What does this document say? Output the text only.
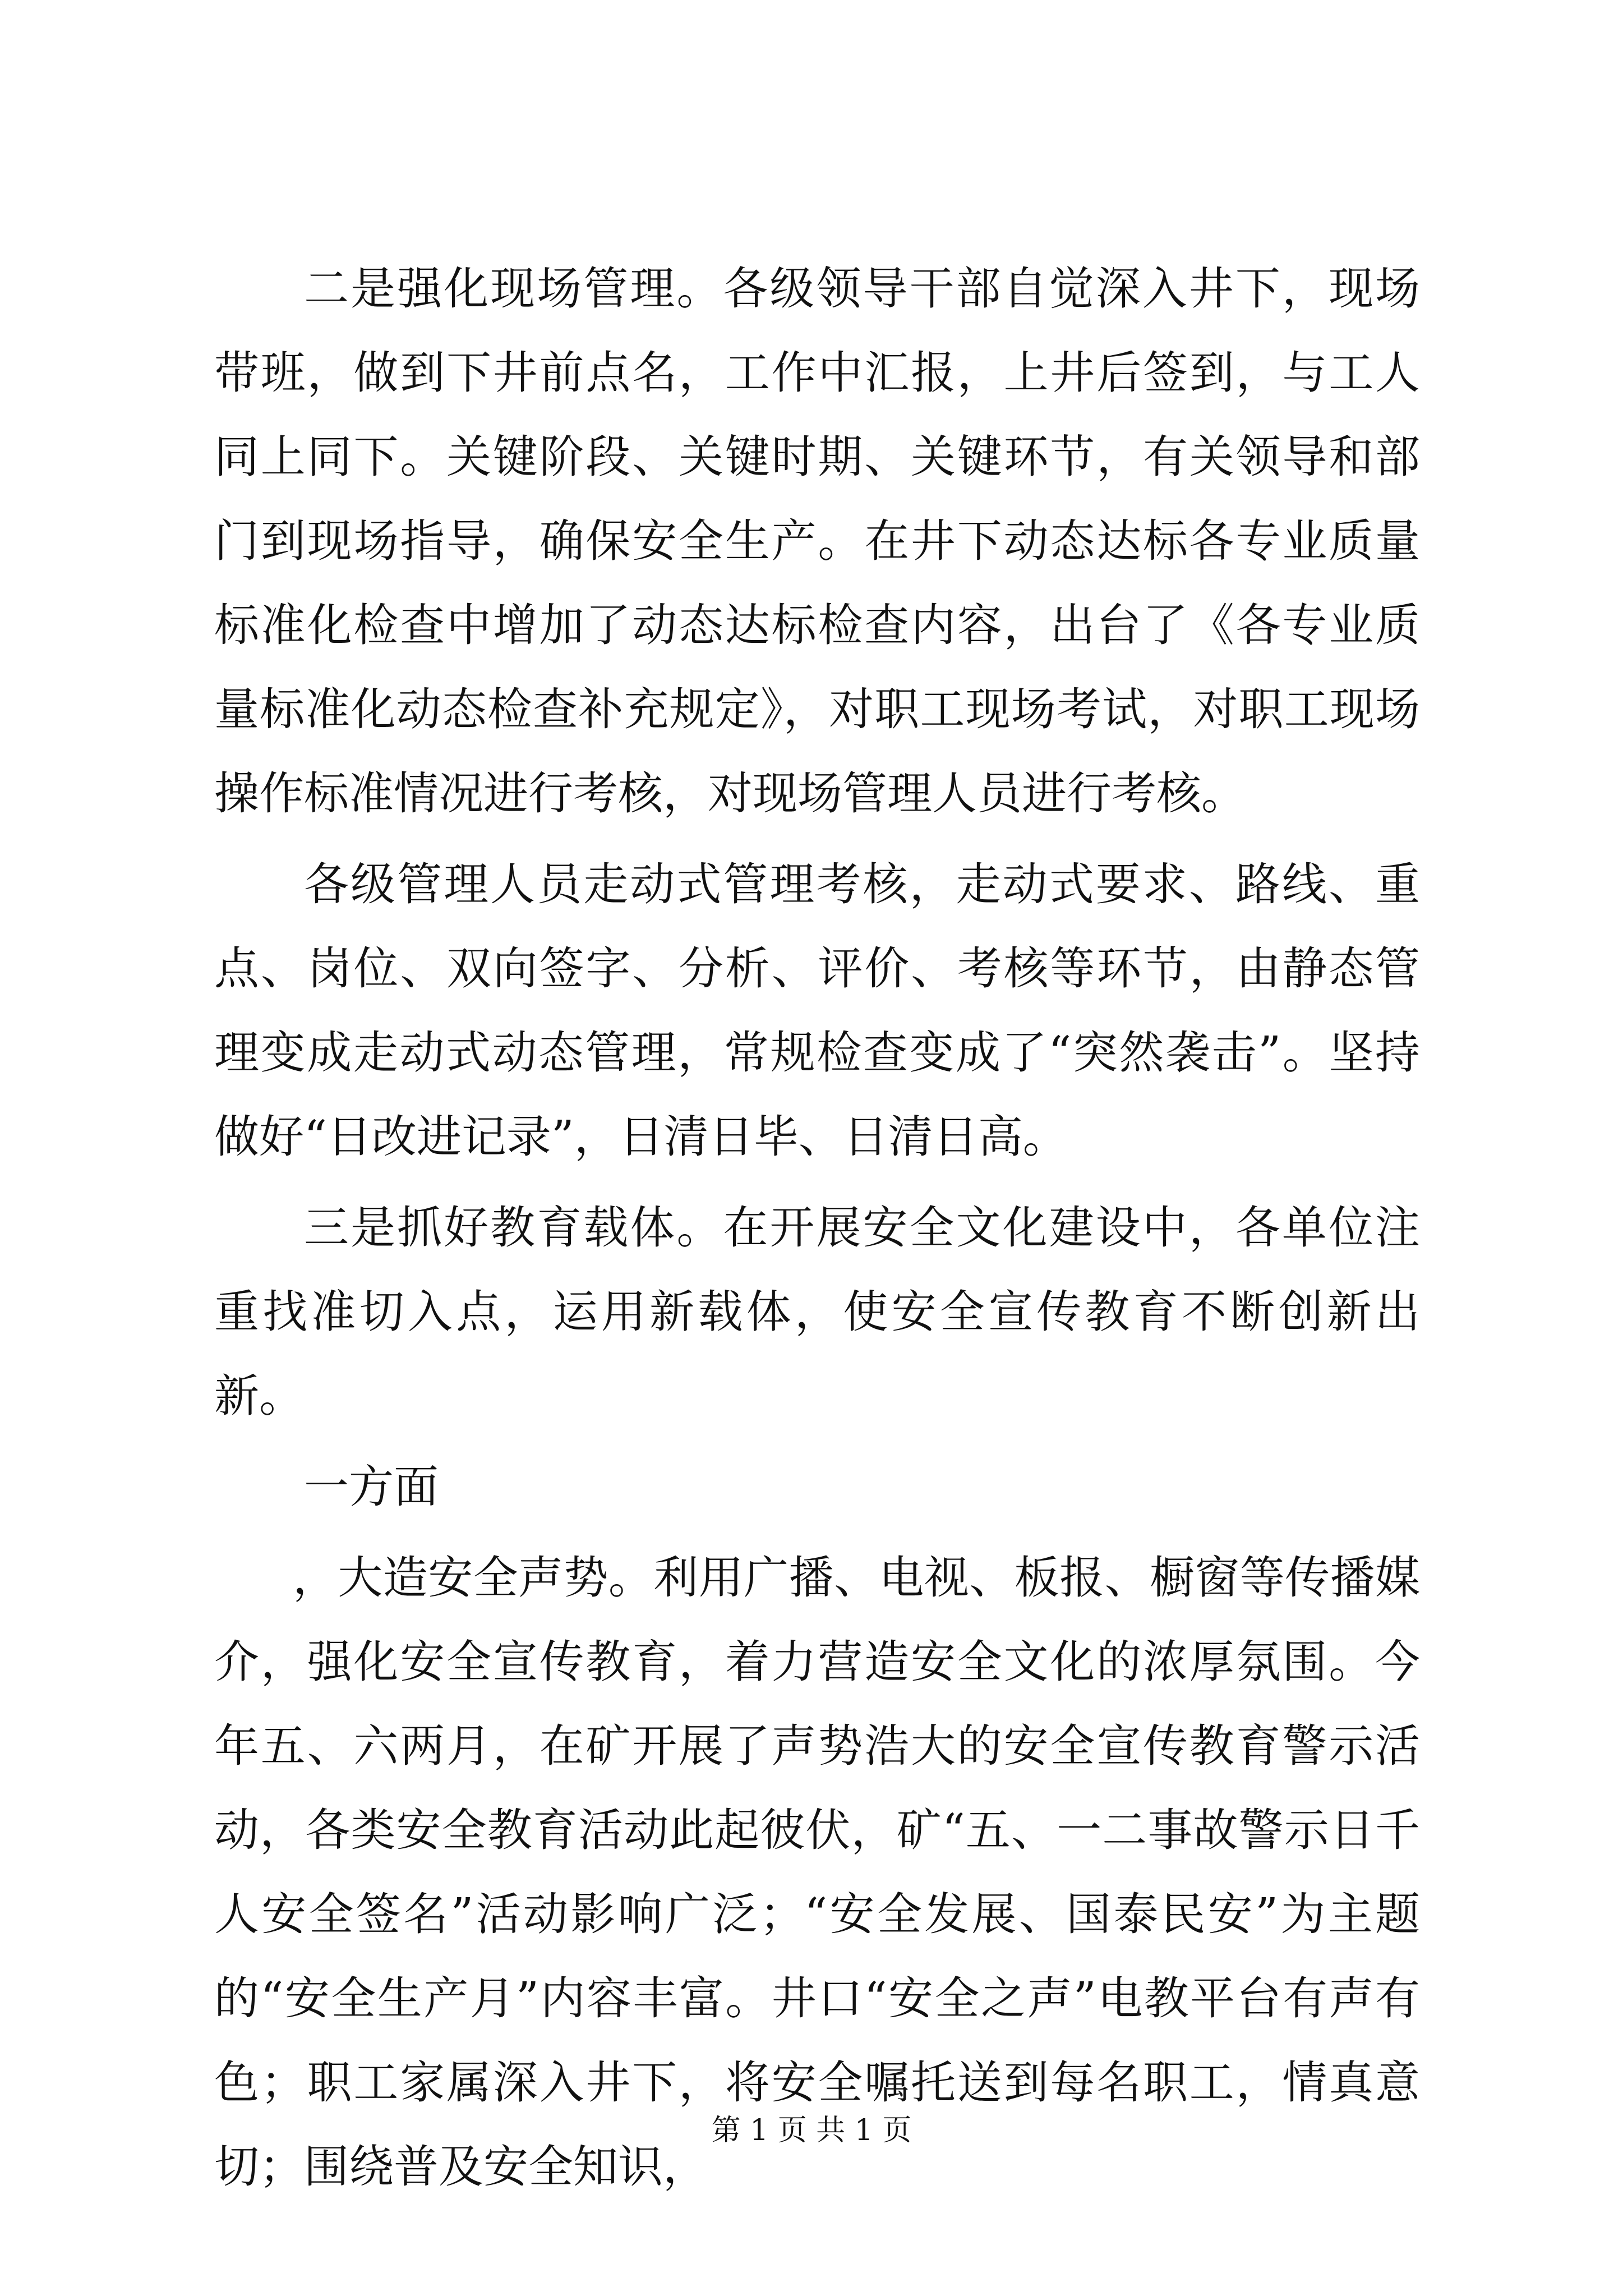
二是强化现场管理。各级领导干部自觉深入井下，现场带班，做到下井前点名，工作中汇报，上井后签到，与工人同上同下。关键阶段、关键时期、关键环节，有关领导和部门到现场指导，确保安全生产。在井下动态达标各专业质量标准化检查中增加了动态达标检查内容，出台了《各专业质量标准化动态检查补充规定》，对职工现场考试，对职工现场操作标准情况进行考核，对现场管理人员进行考核。

各级管理人员走动式管理考核，走动式要求、路线、重点、岗位、双向签字、分析、评价、考核等环节，由静态管理变成走动式动态管理，常规检查变成了“突然袭击”。坚持做好“日改进记录”，日清日毕、日清日高。

三是抓好教育载体。在开展安全文化建设中，各单位注重找准切入点，运用新载体，使安全宣传教育不断创新出新。

一方面

，大造安全声势。利用广播、电视、板报、橱窗等传播媒介，强化安全宣传教育，着力营造安全文化的浓厚氛围。今年五、六两月，在矿开展了声势浩大的安全宣传教育警示活动，各类安全教育活动此起彼伏，矿“五、一二事故警示日千人安全签名”活动影响广泛；“安全发展、国泰民安”为主题的“安全生产月”内容丰富。井口“安全之声”电教平台有声有色；职工家属深入井下，将安全嘱托送到每名职工，情真意切；围绕普及安全知识，

第 1 页 共 1 页
